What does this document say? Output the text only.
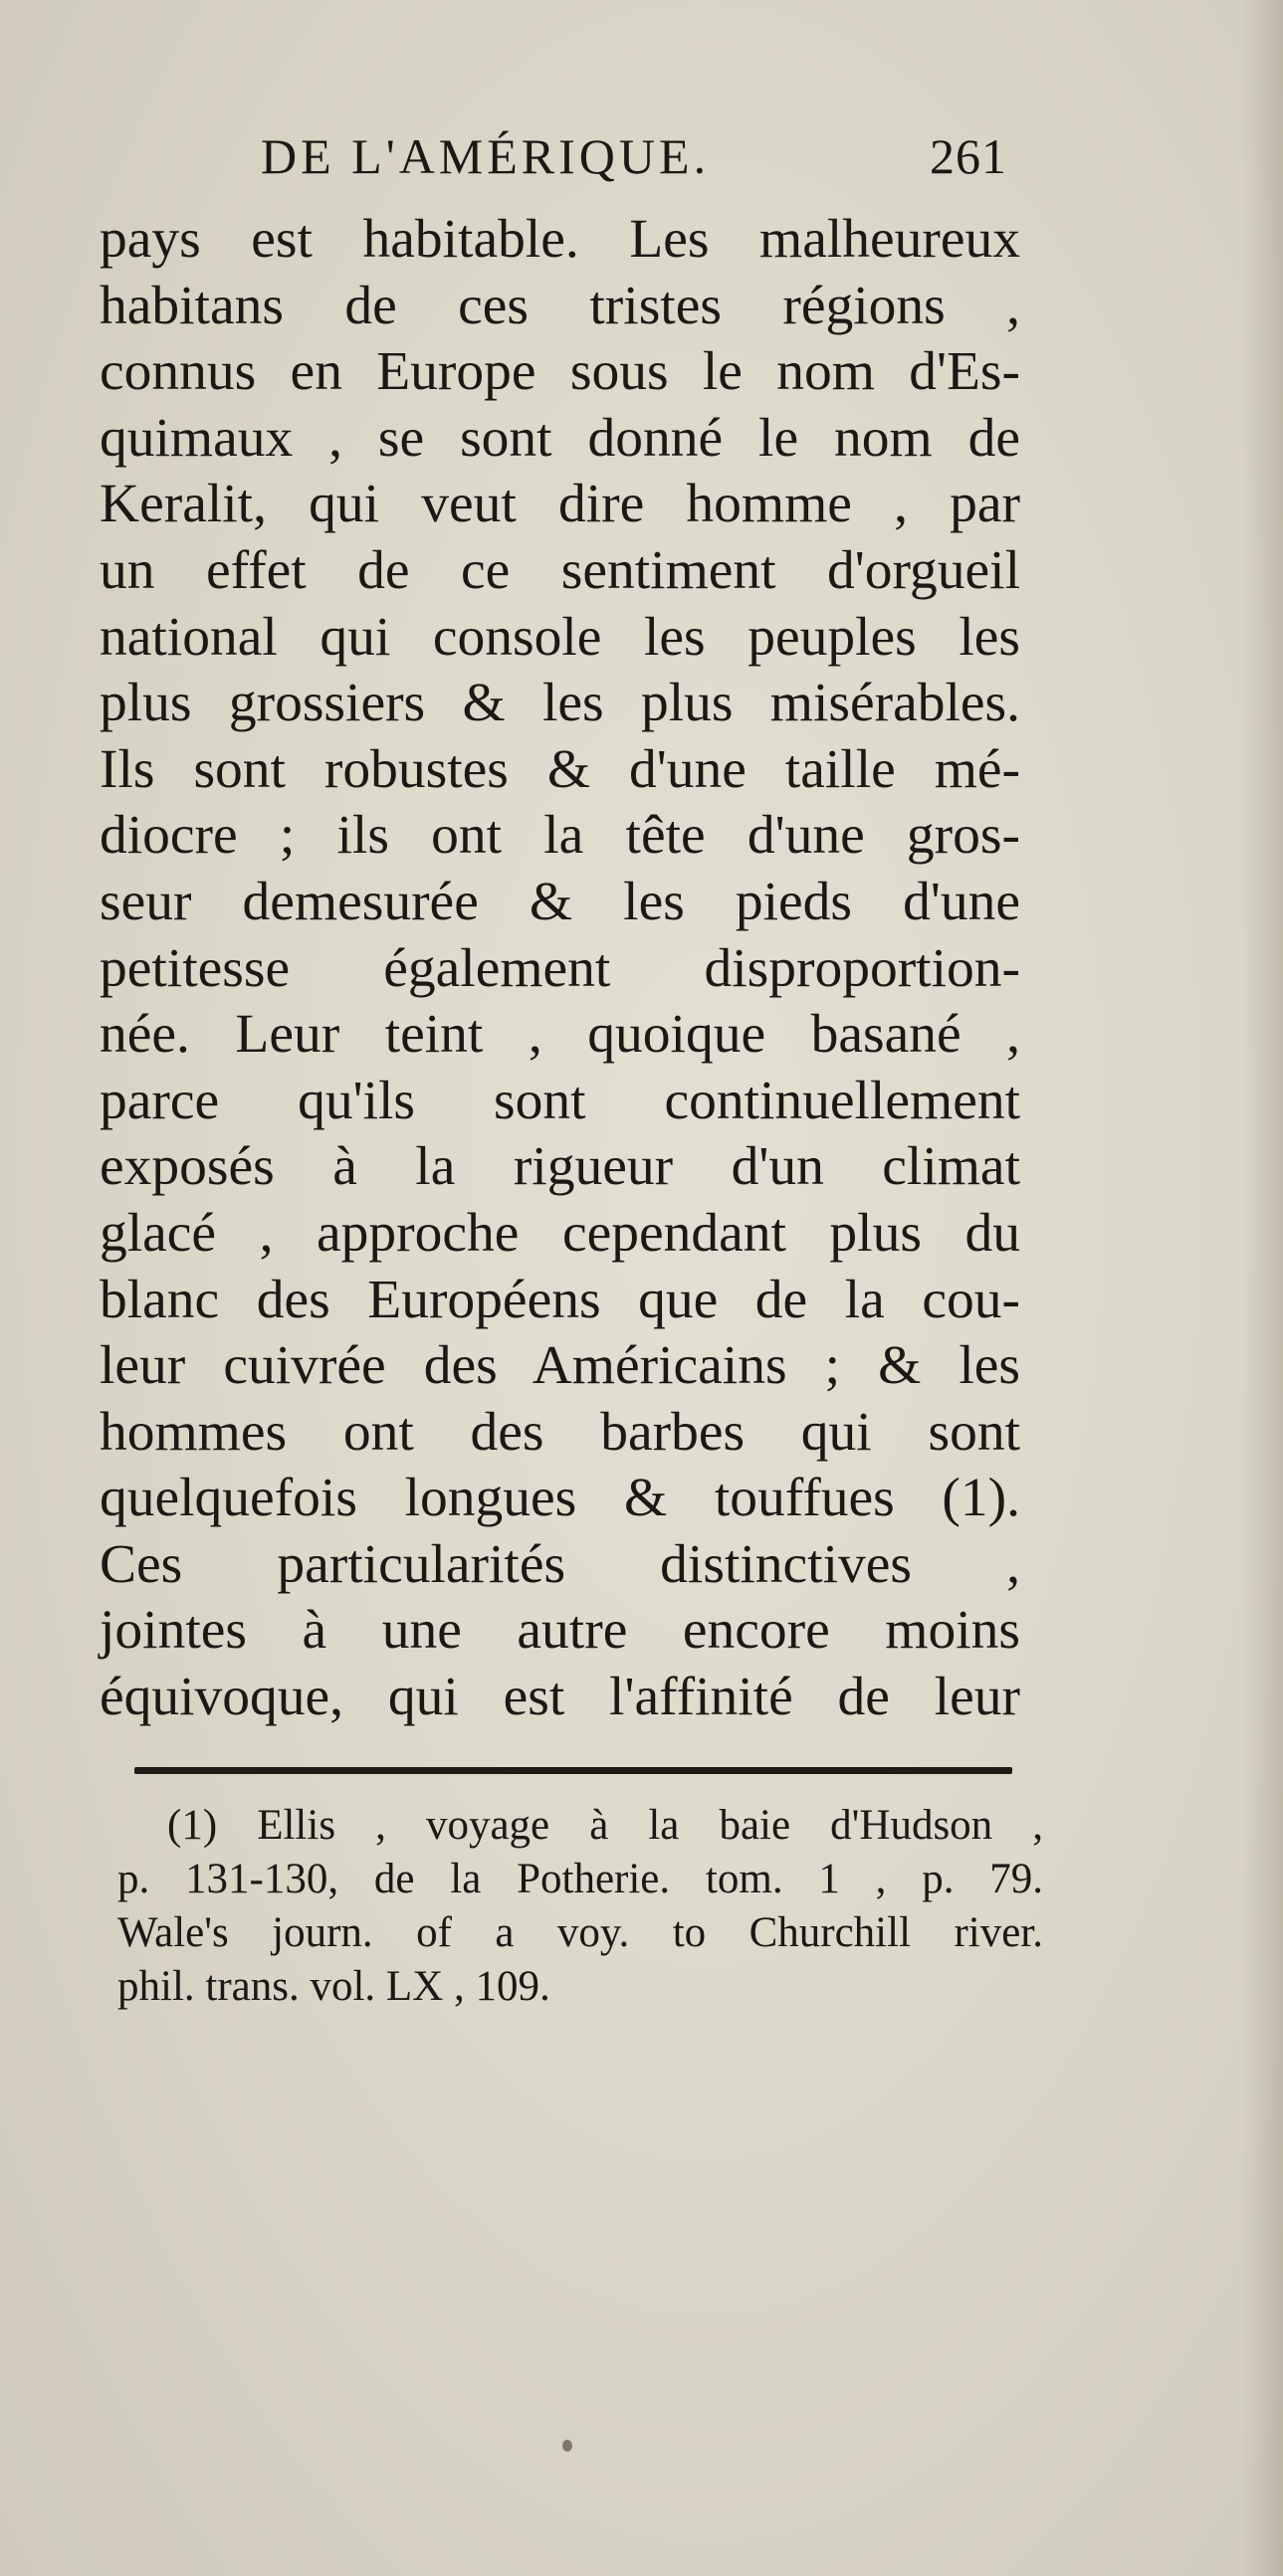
DE L'AMÉRIQUE.	261
pays est habitable. Les malheureux
habitans de ces tristes régions ,
connus en Europe sous le nom d'Es-
quimaux , se sont donné le nom de
Keralit, qui veut dire homme , par
un effet de ce sentiment d'orgueil
national qui console les peuples les
plus grossiers & les plus misérables.
Ils sont robustes & d'une taille mé-
diocre ; ils ont la tête d'une gros-
seur demesurée & les pieds d'une
petitesse également disproportion-
née. Leur teint , quoique basané ,
parce qu'ils sont continuellement
exposés à la rigueur d'un climat
glacé , approche cependant plus du
blanc des Européens que de la cou-
leur cuivrée des Américains ; & les
hommes ont des barbes qui sont
quelquefois longues & touffues (1).
Ces particularités distinctives ,
jointes à une autre encore moins
équivoque, qui est l'affinité de leur
(1) Ellis , voyage à la baie d'Hudson ,
p. 131-130, de la Potherie. tom. 1 , p. 79.
Wale's journ. of a voy. to Churchill river.
phil. trans. vol. LX , 109.
